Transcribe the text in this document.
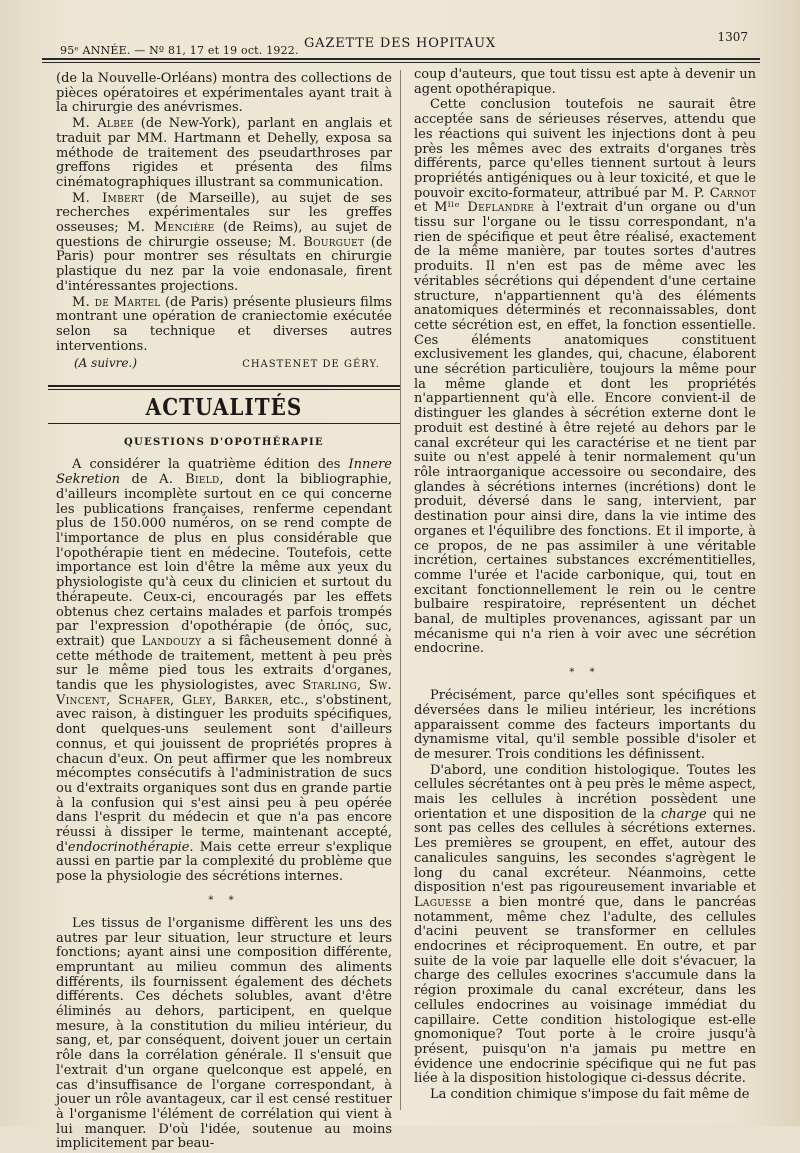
95ᵉ ANNÉE. — Nº 81, 17 et 19 oct. 1922. GAZETTE DES HOPITAUX	1307

(de la Nouvelle-Orléans) montra des collections de pièces opératoires et expérimentales ayant trait à la chirurgie des anévrismes.

M. Albee (de New-York), parlant en anglais et traduit par MM. Hartmann et Dehelly, exposa sa méthode de traitement des pseudarthroses par greffons rigides et présenta des films cinématographiques illustrant sa communication.

M. Imbert (de Marseille), au sujet de ses recherches expérimentales sur les greffes osseuses; M. Mencière (de Reims), au sujet de questions de chirurgie osseuse; M. Bourguet (de Paris) pour montrer ses résultats en chirurgie plastique du nez par la voie endonasale, firent d'intéressantes projections.

M. de Martel (de Paris) présente plusieurs films montrant une opération de craniectomie exécutée selon sa technique et diverses autres interventions.

(A suivre.)	CHASTENET DE GÉRY.
ACTUALITÉS
QUESTIONS D'OPOTHÉRAPIE

A considérer la quatrième édition des Innere Sekretion de A. Bield, dont la bibliographie, d'ailleurs incomplète surtout en ce qui concerne les publications françaises, renferme cependant plus de 150.000 numéros, on se rend compte de l'importance de plus en plus considérable que l'opothérapie tient en médecine. Toutefois, cette importance est loin d'être la même aux yeux du physiologiste qu'à ceux du clinicien et surtout du thérapeute. Ceux-ci, encouragés par les effets obtenus chez certains malades et parfois trompés par l'expression d'opothérapie (de ὀπός, suc, extrait) que Landouzy a si fâcheusement donné à cette méthode de traitement, mettent à peu près sur le même pied tous les extraits d'organes, tandis que les physiologistes, avec Starling, Sw. Vincent, Schafer, Gley, Barker, etc., s'obstinent, avec raison, à distinguer les produits spécifiques, dont quelques-uns seulement sont d'ailleurs connus, et qui jouissent de propriétés propres à chacun d'eux. On peut affirmer que les nombreux mécomptes consécutifs à l'administration de sucs ou d'extraits organiques sont dus en grande partie à la confusion qui s'est ainsi peu à peu opérée dans l'esprit du médecin et que n'a pas encore réussi à dissiper le terme, maintenant accepté, d'endocrinothérapie. Mais cette erreur s'explique aussi en partie par la complexité du problème que pose la physiologie des sécrétions internes.

* *

Les tissus de l'organisme diffèrent les uns des autres par leur situation, leur structure et leurs fonctions; ayant ainsi une composition différente, empruntant au milieu commun des aliments différents, ils fournissent également des déchets différents. Ces déchets solubles, avant d'être éliminés au dehors, participent, en quelque mesure, à la constitution du milieu intérieur, du sang, et, par conséquent, doivent jouer un certain rôle dans la corrélation générale. Il s'ensuit que l'extrait d'un organe quelconque est appelé, en cas d'insuffisance de l'organe correspondant, à jouer un rôle avantageux, car il est censé restituer à l'organisme l'élément de corrélation qui vient à lui manquer. D'où l'idée, soutenue au moins implicitement par beau-

coup d'auteurs, que tout tissu est apte à devenir un agent opothérapique.

Cette conclusion toutefois ne saurait être acceptée sans de sérieuses réserves, attendu que les réactions qui suivent les injections dont à peu près les mêmes avec des extraits d'organes très différents, parce qu'elles tiennent surtout à leurs propriétés antigéniques ou à leur toxicité, et que le pouvoir excito-formateur, attribué par M. P. Carnot et Mˡˡᵉ Deflandre à l'extrait d'un organe ou d'un tissu sur l'organe ou le tissu correspondant, n'a rien de spécifique et peut être réalisé, exactement de la même manière, par toutes sortes d'autres produits. Il n'en est pas de même avec les véritables sécrétions qui dépendent d'une certaine structure, n'appartiennent qu'à des éléments anatomiques déterminés et reconnaissables, dont cette sécrétion est, en effet, la fonction essentielle. Ces éléments anatomiques constituent exclusivement les glandes, qui, chacune, élaborent une sécrétion particulière, toujours la même pour la même glande et dont les propriétés n'appartiennent qu'à elle. Encore convient-il de distinguer les glandes à sécrétion externe dont le produit est destiné à être rejeté au dehors par le canal excréteur qui les caractérise et ne tient par suite ou n'est appelé à tenir normalement qu'un rôle intraorganique accessoire ou secondaire, des glandes à sécrétions internes (incrétions) dont le produit, déversé dans le sang, intervient, par destination pour ainsi dire, dans la vie intime des organes et l'équilibre des fonctions. Et il importe, à ce propos, de ne pas assimiler à une véritable incrétion, certaines substances excrémentitielles, comme l'urée et l'acide carbonique, qui, tout en excitant fonctionnellement le rein ou le centre bulbaire respiratoire, représentent un déchet banal, de multiples provenances, agissant par un mécanisme qui n'a rien à voir avec une sécrétion endocrine.

* *

Précisément, parce qu'elles sont spécifiques et déversées dans le milieu intérieur, les incrétions apparaissent comme des facteurs importants du dynamisme vital, qu'il semble possible d'isoler et de mesurer. Trois conditions les définissent.

D'abord, une condition histologique. Toutes les cellules sécrétantes ont à peu près le même aspect, mais les cellules à incrétion possèdent une orientation et une disposition de la charge qui ne sont pas celles des cellules à sécrétions externes. Les premières se groupent, en effet, autour des canalicules sanguins, les secondes s'agrègent le long du canal excréteur. Néanmoins, cette disposition n'est pas rigoureusement invariable et Laguesse a bien montré que, dans le pancréas notamment, même chez l'adulte, des cellules d'acini peuvent se transformer en cellules endocrines et réciproquement. En outre, et par suite de la voie par laquelle elle doit s'évacuer, la charge des cellules exocrines s'accumule dans la région proximale du canal excréteur, dans les cellules endocrines au voisinage immédiat du capillaire. Cette condition histologique est-elle gnomonique? Tout porte à le croire jusqu'à présent, puisqu'on n'a jamais pu mettre en évidence une endocrinie spécifique qui ne fut pas liée à la disposition histologique ci-dessus décrite.

La condition chimique s'impose du fait même de
